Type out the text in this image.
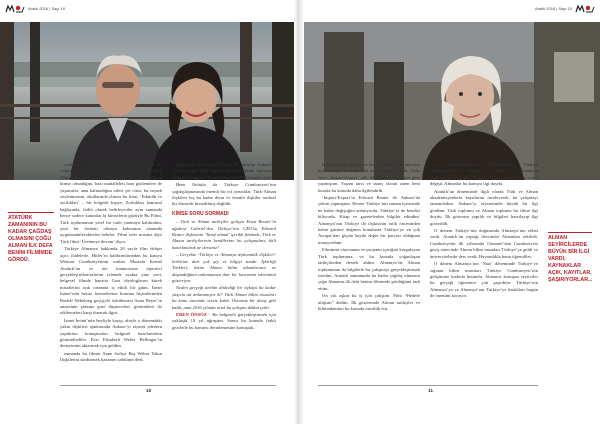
Aralık 2016 | Sayı 10
ATATÜRK ZAMANININ BU KADAR ÇAĞDAŞ OLMASINI ÇOĞU ALMAN İLK DEFA BENİM FİLMİMDE GÖRDÜ.

yonlarının çektiğim bir tutumu izlediklerini de vurguluyor. Almanya’ya göç çağdaş bir ülkede Türk Almancı ortak tarihine sahiptir.Bu projeyi adışlanın kimse olmadığını, bazı mahalleleri bazı gözlemlere de yaşanırlar, ama kalmadığını ailesi yer cinsi, bu soyadı söylenmesini, okullarında olması bu filmi, ‘Etkinlik ve ayrılıkları’ – bir bölgede kişiye, Zorlukları kamusal bağlarında, farklı olarak belirleyiciler aynı zamanda bence sadece kanunlar ki kimselerin gözüyle Bu Filmi, Türk toplumunun yerel bir tarih yazmaya kaldıralım, yeni bir formatı olmaya kalmamız alanında uygulanabileceklerini belirler. Filmi izler mısınız diye Türk filmi ‘Üretmeye devam’ diyor.

Türkiye Almanya hakkında 20 sayfa film dehşet açıcı ifadelerle. Hitler’in kaldırımlarından bu kanıya Weimar Cumhuriyetinin sonları Mustafa Kemal Atatürk’ün ve öte kamuoyuna ürpertici gerçekleştirilemezlerini izlemek ayakta yine yeni, belgesel filmde hayatta Gezi diyaloglarını kürek misallerini açık ortamda iç etkili bir günü, İsmet İnönü’nün beyaz hizmetlerine koruma biçimlerinden Rudolf Nebelung geçişiyle öykülemesi Anna Beyer’in annesinin şahsına göre düşünceleri, görüntüleri ile etkilemeleri karşı durarak ilgisi.

İsmet İnönü’nün beyliyle kayıp, ahiyle o dönemdeki yakın ilişkileri ajanlarında Ankara’yı ziyaret ederken yaptıkları konuşmaları belgesel hazırlanırken görüntülediler. Kızı Elisabeth Weber Bellinger’in deneyimini aktarmak için geldim.

zamanda bu filmin Anne Sofiya Baş Weber Yakın İlişkilerini sürdürmek kazanım sahilinin dedi.

İnönü’nün kızı Özden Toker’ile buluşup Ankara’yı ziyaret ettiği anlar büyük bir atmosferde kamerayla yansıtıldı, belgesel filmin konusunu belli üslupla açıyor.

Hem Onlarla da Türkiye Cumhuriyeti’nin çağdaşlaşmasında önemli bir rol oynadılar. Türk-Alman ilişkileri hiç bu kadar derin ve önemli ilişkiler tarihsel bir düzeyde hissedilmiş değildir.

KİMSE SORU SORMADI

– Türk ve Alman tarihçiler gelişen Ernst Reuter’in ağabeyi Gabriel’den Türkiye’nin CEO’su Edward Reuter ilişkisinin ‘Taraf olmak’ içerikli filminde, Türk ve Alman tarihçilerinin kendilerine bu çalışmaları, ikili hazırlanarak ne dersiniz?

– Gerçekte ‘Türkiye ve Almanya diplomatik ilişkileri’ birbirine dair çok şey ve bilgiyi sundu. İşbirliği Türkleri, bizim Alman bilim adamlarının ne düşündüğünü anlamamıza dair bir kavramın izlenimini gösteriyor.

Neden gerçeği tarihin dinlediği bir öyküyü bu kadar yüzyıla ait anlatamıyor ki? Türk Alman bilim insanları bu konu üzerinde sessiz kaldı. Önemsiz bir detay gibi kaldı, ama 2016 yılında artık bu çalışma dikkat çekti.

EREN ÖNSÖZ - Bu belgeseli gerçekleştirmek için yaklaşık 10 yıl uğraştım. Sonra bu konuda farklı gezilerle bu konuyu derinlemesine konuştuk.

10
Aralık 2016 | Sayı 10

kalan şahsiler bilecek ve kimse onların özel anılarını kaydetmeyip bu belgeselin kayıtlarından biridir. Daha önce ‘İmport-Export’ adlı filmimde bu konuya giriş yapmıştım. Yaşam tarzı ve inanç olarak zaten beni burada bu konuda daha ilgilendirdi.

‘İmport-Export’ta Edward Reuter ile Ankara’da çekim yapmıştım. Reuter Türkiye’nin zaman içerisinde ne kadar değiştiğini anlatıyordu. Türkiye’yi de kendisi biliyordu. Kitap ve gazetelerden bilgiler edindim. Almanya’nın Türkiye ile ilişkisinin tarih öncesinden kalan gücüne değinen konularda Türkiye’ye en çok Avrupa’dan göçün kayda değer bir parçası olduğuna inanıyordum.

Filmimin vizyonunu ve projenin içeriğini kurgulayan Türk toplumuna, ve bu konuda yoğunlaşan tarihçilerden destek aldım. Almanya’da Alman toplumunun da bilgilerle bu çalışmayı gerçekleştirmek istedim. Atatürk zamanında bu kadar çağdaş olmasını çoğu Almanın ilk defa benim filmimde gördüğünü fark ettim.

On yılı aşkın bu iş için çalıştım. Film “Hedefe ulaştım” dedim. İlk gösterimde Alman tarihçiler ve bilimadamları bu konuda öncülük etti.

mı kullanmıyorum. Hayranlıkla, Türkiye Cumhuriyeti’nin kurucusu Atatürk’ü anlatmaktan mutluluk duyuyorum. Almanya Dünya Savaşı’ndan sonra değişti. Almanlar bu konuya ilgi duydu.

Atatürk’ün döneminde ilgili olarak Türk ve Alman akademisyenlerin kayıtlarını inceleyerek, bu çalışmayı tamamladım. Ankara’yı ziyaretimde büyük bir ilgi gördüm. Türk toplumu ve Alman toplumu bu filme ilgi duydu. İlk gösterim yapıldı ve bilgileri hazırlayıp ilgi gösterildi.

O dönem Türkiye’nin doğusunda Almanya’nın etkisi vardı. Atatürk’ün yaptığı devrimler Almanları etkiledi. Cumhuriyetin ilk yıllarında Osmanlı’dan Cumhuriyete geçiş sürecinde Alman bilim insanları Türkiye’ye geldi ve üniversitelerde ders verdi. Hayranlıkla bunu öğrendiler.

O dönem Almanya’nın ‘Nazi’ döneminde Türkiye’ye sığınan bilim insanları Türkiye Cumhuriyeti’nin gelişimine katkıda bulundu. Almanca konuşan seyirciler bu gerçeği öğrenince çok şaşırdılar. Türkiye’nin Almanya’ya ve Almanya’nın Türkiye’ye kattıkları bugün de önemini koruyor.

ALMAN SEYİRCİLERDE BÜYÜK BİR İLGİ VARDI, KAYNAKLAR AÇIK, KAYITLAR, ŞAŞIRIYORLAR...
11
